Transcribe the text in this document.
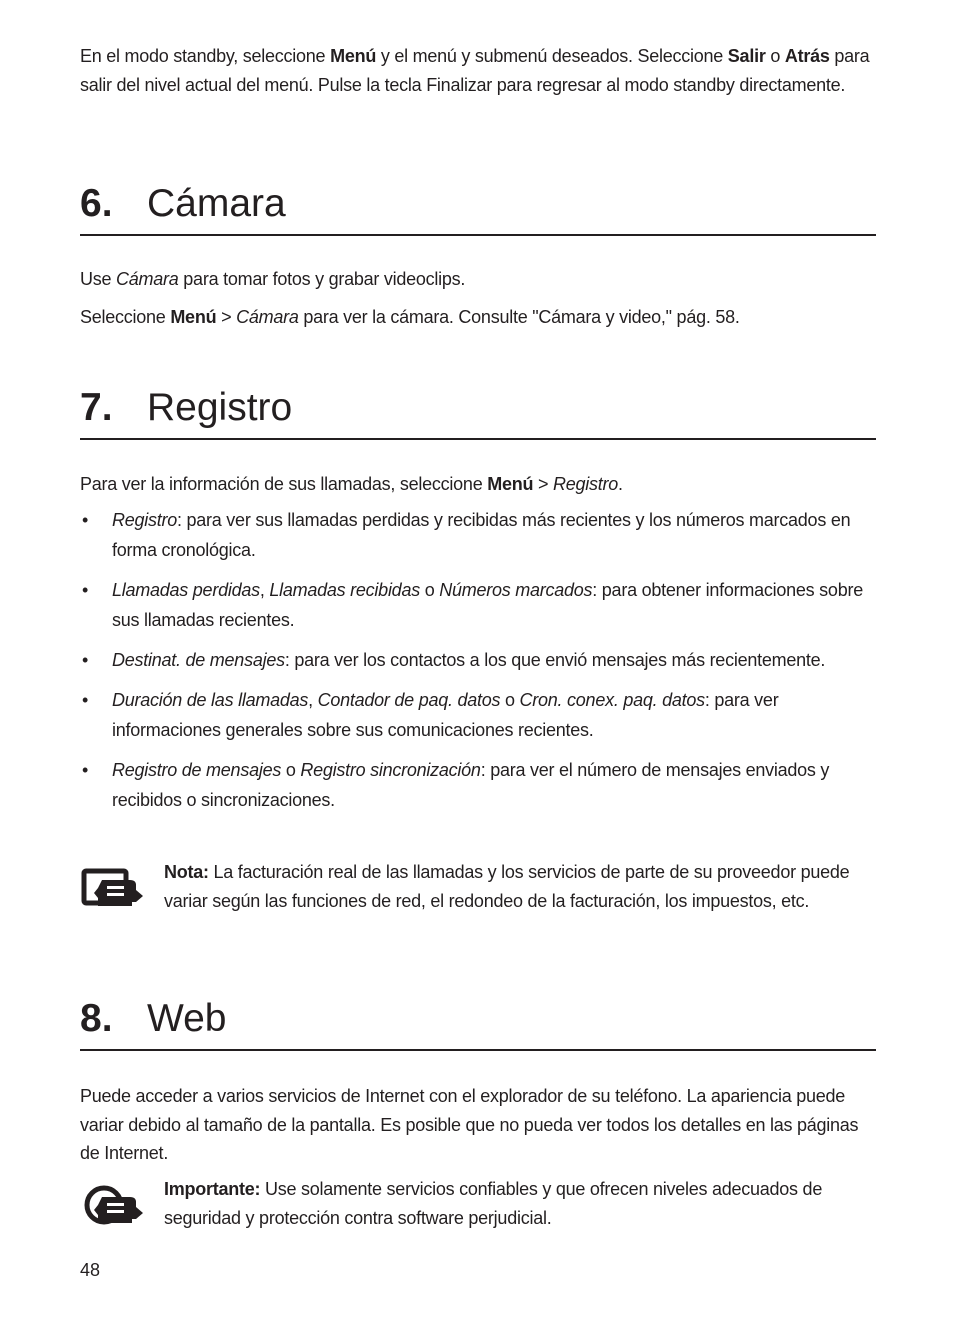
En el modo standby, seleccione Menú y el menú y submenú deseados. Seleccione Salir o Atrás para salir del nivel actual del menú. Pulse la tecla Finalizar para regresar al modo standby directamente.

6. Cámara

Use Cámara para tomar fotos y grabar videoclips.

Seleccione Menú > Cámara para ver la cámara. Consulte "Cámara y video," pág. 58.

7. Registro

Para ver la información de sus llamadas, seleccione Menú > Registro.

• Registro: para ver sus llamadas perdidas y recibidas más recientes y los números marcados en forma cronológica.
• Llamadas perdidas, Llamadas recibidas o Números marcados: para obtener informaciones sobre sus llamadas recientes.
• Destinat. de mensajes: para ver los contactos a los que envió mensajes más recientemente.
• Duración de las llamadas, Contador de paq. datos o Cron. conex. paq. datos: para ver informaciones generales sobre sus comunicaciones recientes.
• Registro de mensajes o Registro sincronización: para ver el número de mensajes enviados y recibidos o sincronizaciones.

Nota: La facturación real de las llamadas y los servicios de parte de su proveedor puede variar según las funciones de red, el redondeo de la facturación, los impuestos, etc.

8. Web

Puede acceder a varios servicios de Internet con el explorador de su teléfono. La apariencia puede variar debido al tamaño de la pantalla. Es posible que no pueda ver todos los detalles en las páginas de Internet.

Importante: Use solamente servicios confiables y que ofrecen niveles adecuados de seguridad y protección contra software perjudicial.

48
